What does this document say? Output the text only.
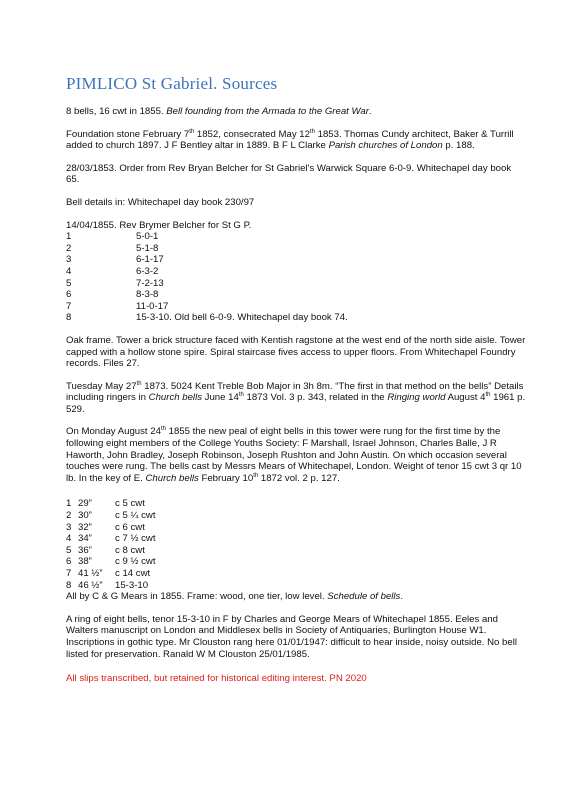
PIMLICO St Gabriel. Sources

8 bells, 16 cwt in 1855. Bell founding from the Armada to the Great War.

Foundation stone February 7th 1852, consecrated May 12th 1853. Thomas Cundy architect, Baker & Turrill added to church 1897. J F Bentley altar in 1889. B F L Clarke Parish churches of London p. 188.

28/03/1853. Order from Rev Bryan Belcher for St Gabriel's Warwick Square 6-0-9. Whitechapel day book 65.

Bell details in: Whitechapel day book 230/97

14/04/1855. Rev Brymer Belcher for St G P.
1	5-0-1
2	5-1-8
3	6-1-17
4	6-3-2
5	7-2-13
6	8-3-8
7	11-0-17
8	15-3-10. Old bell 6-0-9. Whitechapel day book 74.

Oak frame. Tower a brick structure faced with Kentish ragstone at the west end of the north side aisle. Tower capped with a hollow stone spire. Spiral staircase fives access to upper floors. From Whitechapel Foundry records. Files 27.

Tuesday May 27th 1873. 5024 Kent Treble Bob Major in 3h 8m. “The first in that method on the bells” Details including ringers in Church bells June 14th 1873 Vol. 3 p. 343, related in the Ringing world August 4th 1961 p. 529.

On Monday August 24th 1855 the new peal of eight bells in this tower were rung for the first time by the following eight members of the College Youths Society: F Marshall, Israel Johnson, Charles Balle, J R Haworth, John Bradley, Joseph Robinson, Joseph Rushton and John Austin. On which occasion several touches were rung. The bells cast by Messrs Mears of Whitechapel, London. Weight of tenor 15 cwt 3 qr 10 lb. In the key of E. Church bells February 10th 1872 vol. 2 p. 127.

1 29”	c 5 cwt
2 30”	c 5 ¼ cwt
3 32”	c 6 cwt
4 34”	c 7 ½ cwt
5 36”	c 8 cwt
6 38”	c 9 ½ cwt
7 41 ½”	c 14 cwt
8 46 ½”	15-3-10
All by C & G Mears in 1855. Frame: wood, one tier, low level. Schedule of bells.

A ring of eight bells, tenor 15-3-10 in F by Charles and George Mears of Whitechapel 1855. Eeles and Walters manuscript on London and Middlesex bells in Society of Antiquaries, Burlington House W1. Inscriptions in gothic type. Mr Clouston rang here 01/01/1947: difficult to hear inside, noisy outside. No bell listed for preservation. Ranald W M Clouston 25/01/1985.

All slips transcribed, but retained for historical editing interest. PN 2020
